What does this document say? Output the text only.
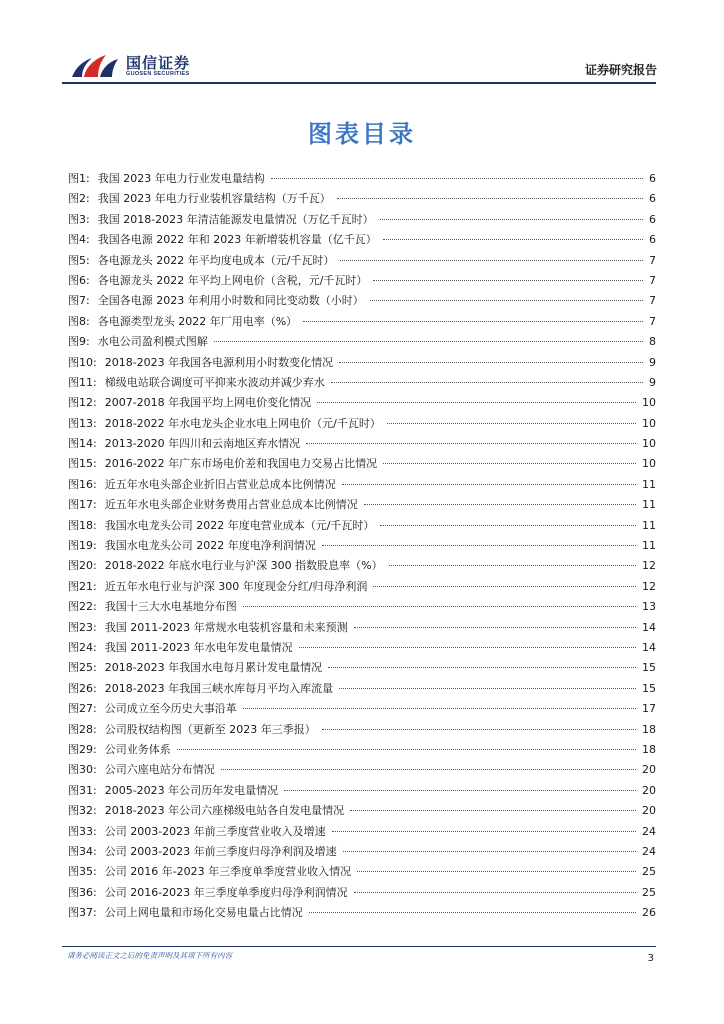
国信证券
GUOSEN SECURITIES	证券研究报告
图表目录
图1: 我国 2023 年电力行业发电量结构	6
图2: 我国 2023 年电力行业装机容量结构（万千瓦）	6
图3: 我国 2018-2023 年清洁能源发电量情况（万亿千瓦时）	6
图4: 我国各电源 2022 年和 2023 年新增装机容量（亿千瓦）	6
图5: 各电源龙头 2022 年平均度电成本（元/千瓦时）	7
图6: 各电源龙头 2022 年平均上网电价（含税，元/千瓦时）	7
图7: 全国各电源 2023 年利用小时数和同比变动数（小时）	7
图8: 各电源类型龙头 2022 年厂用电率（%）	7
图9: 水电公司盈利模式图解	8
图10: 2018-2023 年我国各电源利用小时数变化情况	9
图11: 梯级电站联合调度可平抑来水波动并减少弃水	9
图12: 2007-2018 年我国平均上网电价变化情况	10
图13: 2018-2022 年水电龙头企业水电上网电价（元/千瓦时）	10
图14: 2013-2020 年四川和云南地区弃水情况	10
图15: 2016-2022 年广东市场电价差和我国电力交易占比情况	10
图16: 近五年水电头部企业折旧占营业总成本比例情况	11
图17: 近五年水电头部企业财务费用占营业总成本比例情况	11
图18: 我国水电龙头公司 2022 年度电营业成本（元/千瓦时）	11
图19: 我国水电龙头公司 2022 年度电净利润情况	11
图20: 2018-2022 年底水电行业与沪深 300 指数股息率（%）	12
图21: 近五年水电行业与沪深 300 年度现金分红/归母净利润	12
图22: 我国十三大水电基地分布图	13
图23: 我国 2011-2023 年常规水电装机容量和未来预测	14
图24: 我国 2011-2023 年水电年发电量情况	14
图25: 2018-2023 年我国水电每月累计发电量情况	15
图26: 2018-2023 年我国三峡水库每月平均入库流量	15
图27: 公司成立至今历史大事沿革	17
图28: 公司股权结构图（更新至 2023 年三季报）	18
图29: 公司业务体系	18
图30: 公司六座电站分布情况	20
图31: 2005-2023 年公司历年发电量情况	20
图32: 2018-2023 年公司六座梯级电站各自发电量情况	20
图33: 公司 2003-2023 年前三季度营业收入及增速	24
图34: 公司 2003-2023 年前三季度归母净利润及增速	24
图35: 公司 2016 年-2023 年三季度单季度营业收入情况	25
图36: 公司 2016-2023 年三季度单季度归母净利润情况	25
图37: 公司上网电量和市场化交易电量占比情况	26
请务必阅读正文之后的免责声明及其项下所有内容	3
